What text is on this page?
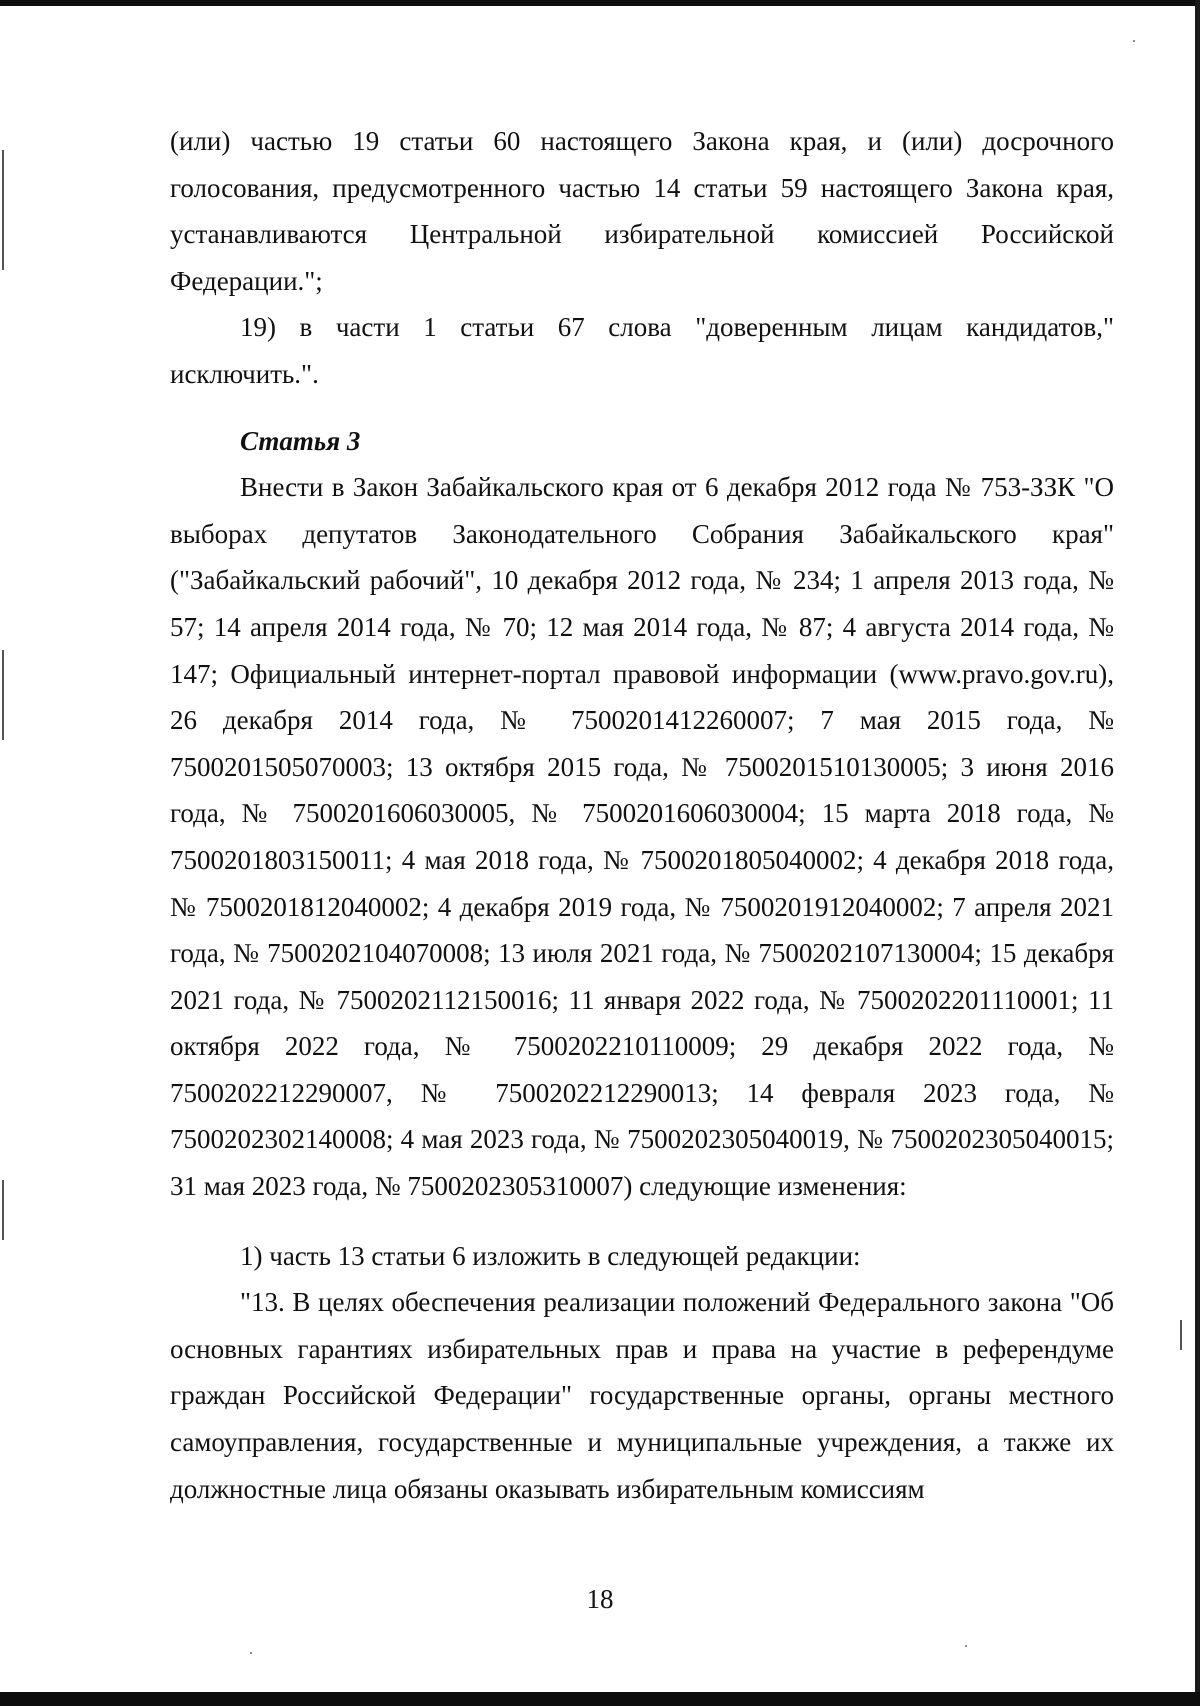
(или) частью 19 статьи 60 настоящего Закона края, и (или) досрочного голосования, предусмотренного частью 14 статьи 59 настоящего Закона края, устанавливаются Центральной избирательной комиссией Российской Федерации.";

19) в части 1 статьи 67 слова "доверенным лицам кандидатов," исключить.".

Статья 3

Внести в Закон Забайкальского края от 6 декабря 2012 года № 753-ЗЗК "О выборах депутатов Законодательного Собрания Забайкальского края" ("Забайкальский рабочий", 10 декабря 2012 года, № 234; 1 апреля 2013 года, № 57; 14 апреля 2014 года, № 70; 12 мая 2014 года, № 87; 4 августа 2014 года, № 147; Официальный интернет-портал правовой информации (www.pravo.gov.ru), 26 декабря 2014 года, № 7500201412260007; 7 мая 2015 года, № 7500201505070003; 13 октября 2015 года, № 7500201510130005; 3 июня 2016 года, № 7500201606030005, № 7500201606030004; 15 марта 2018 года, № 7500201803150011; 4 мая 2018 года, № 7500201805040002; 4 декабря 2018 года, № 7500201812040002; 4 декабря 2019 года, № 7500201912040002; 7 апреля 2021 года, № 7500202104070008; 13 июля 2021 года, № 7500202107130004; 15 декабря 2021 года, № 7500202112150016; 11 января 2022 года, № 7500202201110001; 11 октября 2022 года, № 7500202210110009; 29 декабря 2022 года, № 7500202212290007, № 7500202212290013; 14 февраля 2023 года, № 7500202302140008; 4 мая 2023 года, № 7500202305040019, № 7500202305040015; 31 мая 2023 года, № 7500202305310007) следующие изменения:

1) часть 13 статьи 6 изложить в следующей редакции:

"13. В целях обеспечения реализации положений Федерального закона "Об основных гарантиях избирательных прав и права на участие в референдуме граждан Российской Федерации" государственные органы, органы местного самоуправления, государственные и муниципальные учреждения, а также их должностные лица обязаны оказывать избирательным комиссиям

18
